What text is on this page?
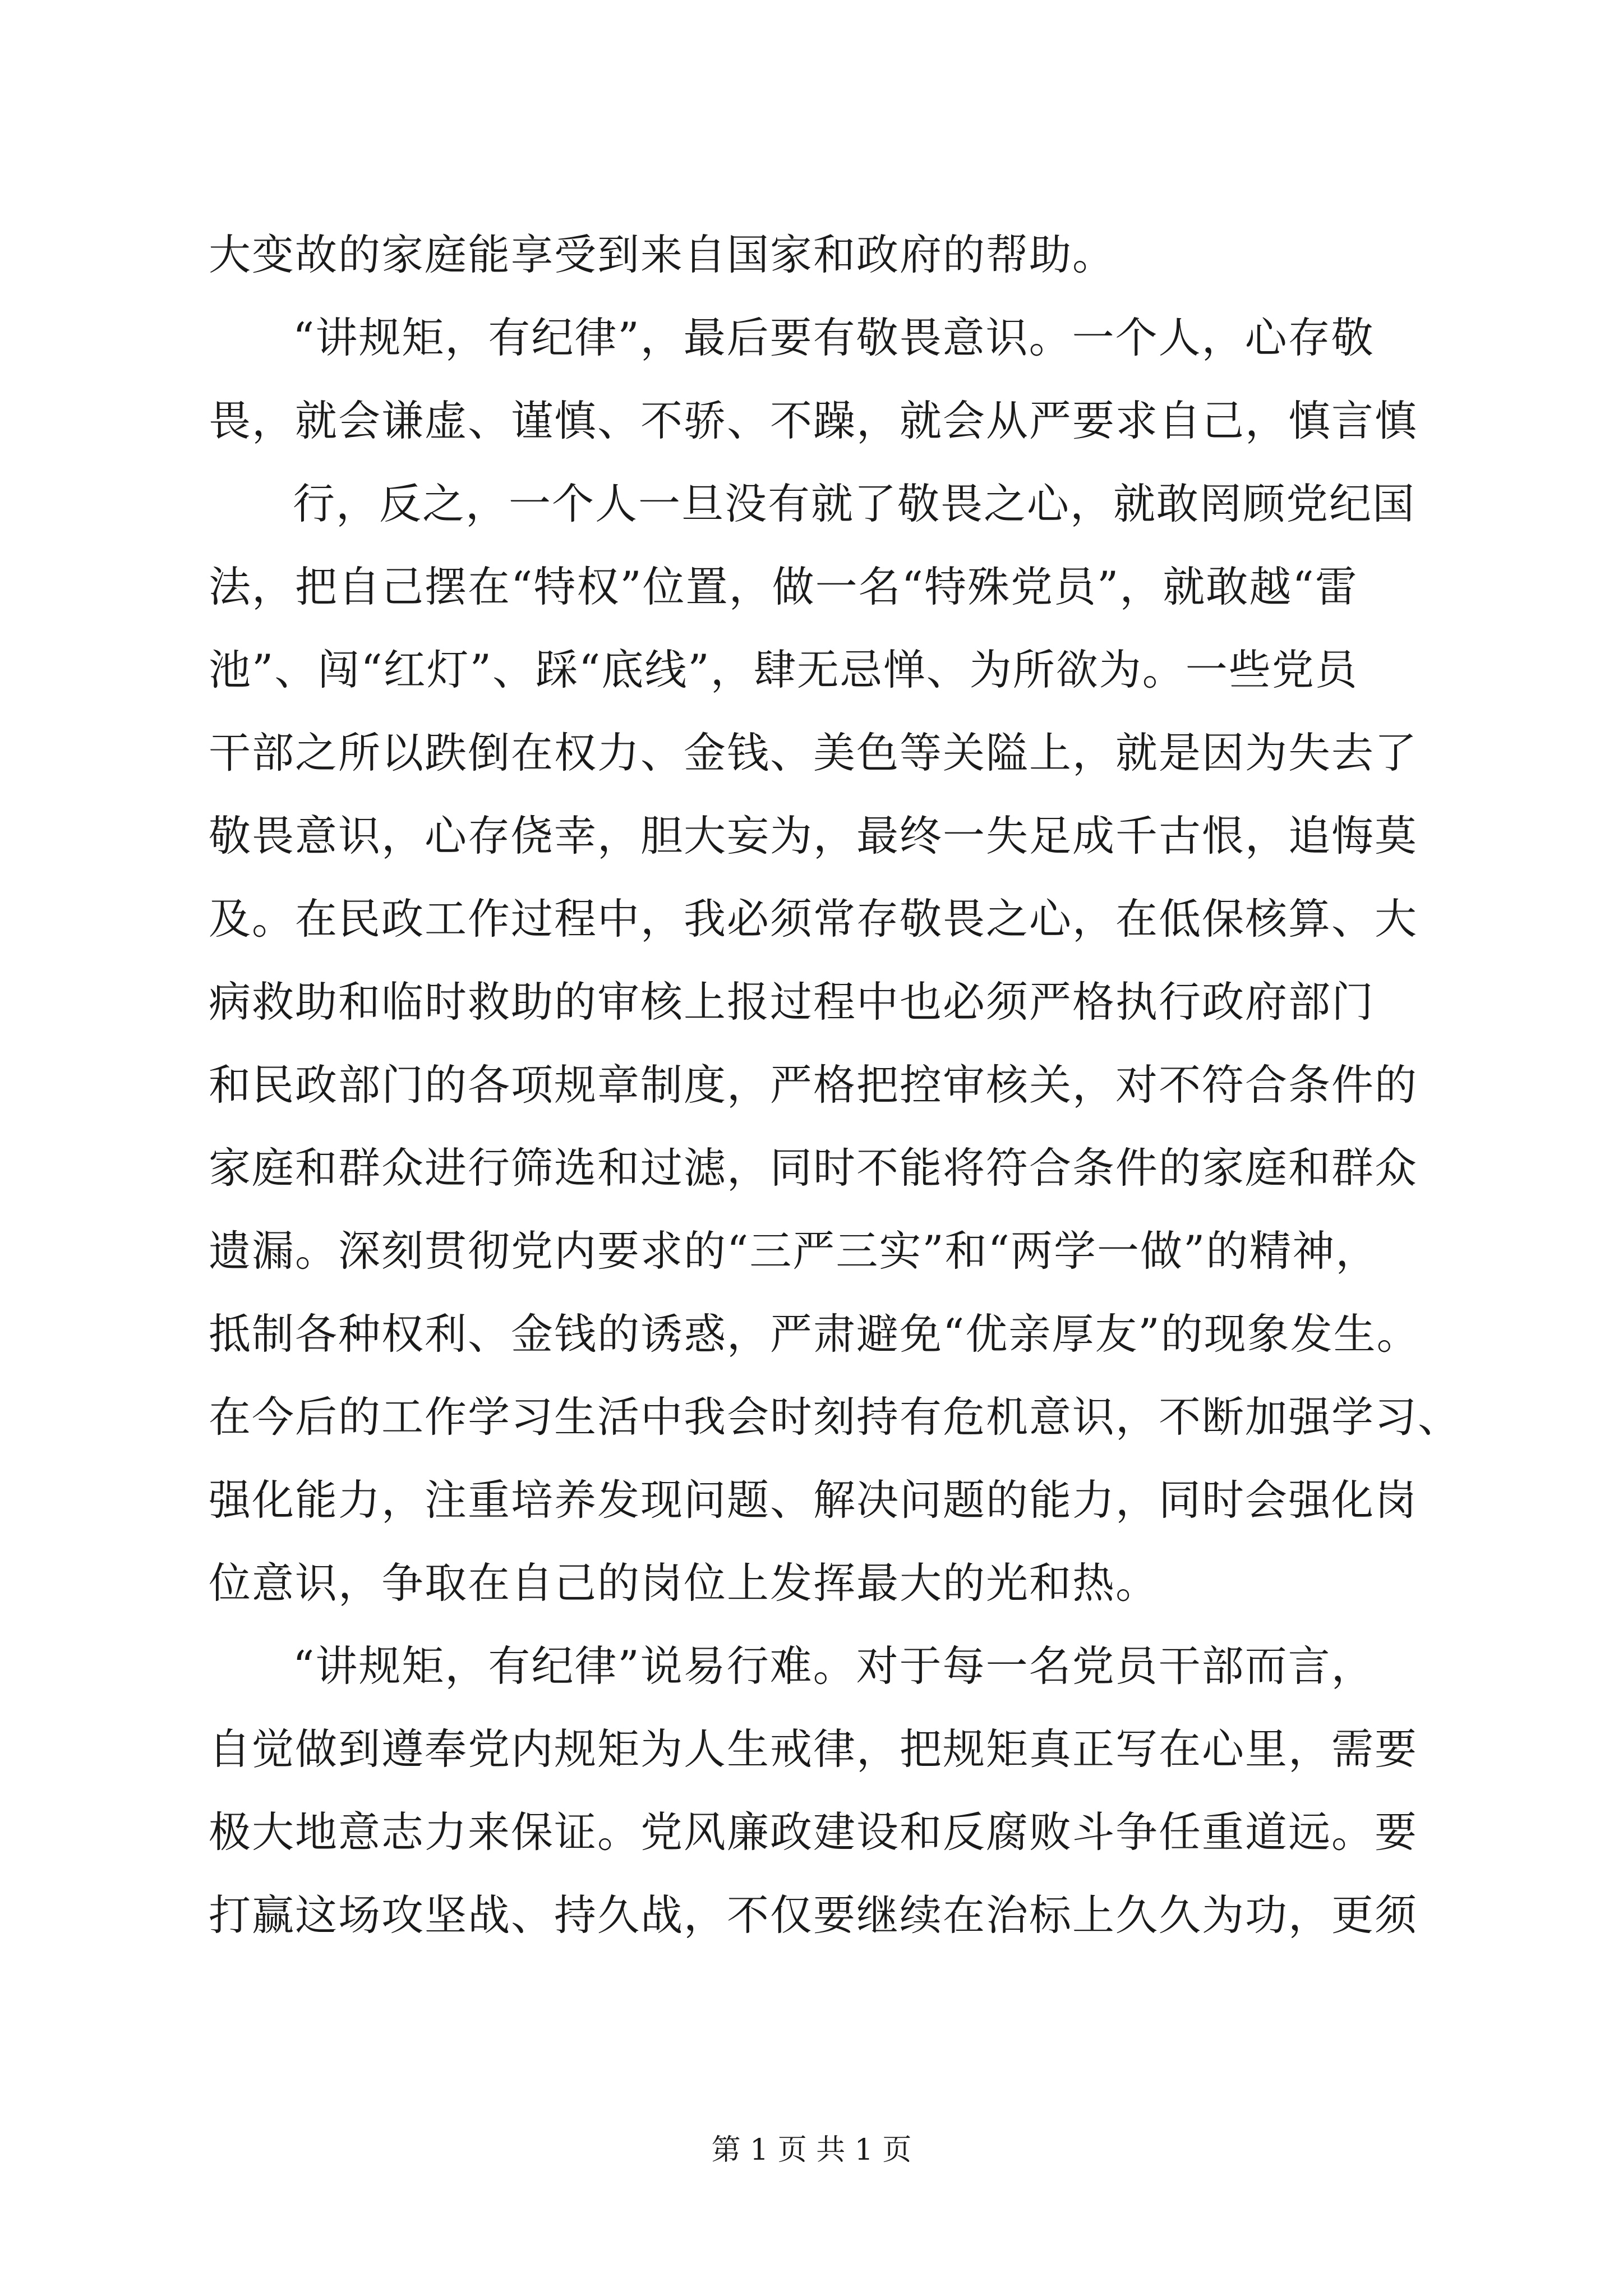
大变故的家庭能享受到来自国家和政府的帮助。
“讲规矩，有纪律”，最后要有敬畏意识。一个人，心存敬
畏，就会谦虚、谨慎、不骄、不躁，就会从严要求自己，慎言慎
行，反之，一个人一旦没有就了敬畏之心，就敢罔顾党纪国
法，把自己摆在“特权”位置，做一名“特殊党员”，就敢越“雷
池”、闯“红灯”、踩“底线”，肆无忌惮、为所欲为。一些党员
干部之所以跌倒在权力、金钱、美色等关隘上，就是因为失去了
敬畏意识，心存侥幸，胆大妄为，最终一失足成千古恨，追悔莫
及。在民政工作过程中，我必须常存敬畏之心，在低保核算、大
病救助和临时救助的审核上报过程中也必须严格执行政府部门
和民政部门的各项规章制度，严格把控审核关，对不符合条件的
家庭和群众进行筛选和过滤，同时不能将符合条件的家庭和群众
遗漏。深刻贯彻党内要求的“三严三实”和“两学一做”的精神，
抵制各种权利、金钱的诱惑，严肃避免“优亲厚友”的现象发生。
在今后的工作学习生活中我会时刻持有危机意识，不断加强学习、
强化能力，注重培养发现问题、解决问题的能力，同时会强化岗
位意识，争取在自己的岗位上发挥最大的光和热。
“讲规矩，有纪律”说易行难。对于每一名党员干部而言，
自觉做到遵奉党内规矩为人生戒律，把规矩真正写在心里，需要
极大地意志力来保证。党风廉政建设和反腐败斗争任重道远。要
打赢这场攻坚战、持久战，不仅要继续在治标上久久为功，更须
第 1 页 共 1 页
